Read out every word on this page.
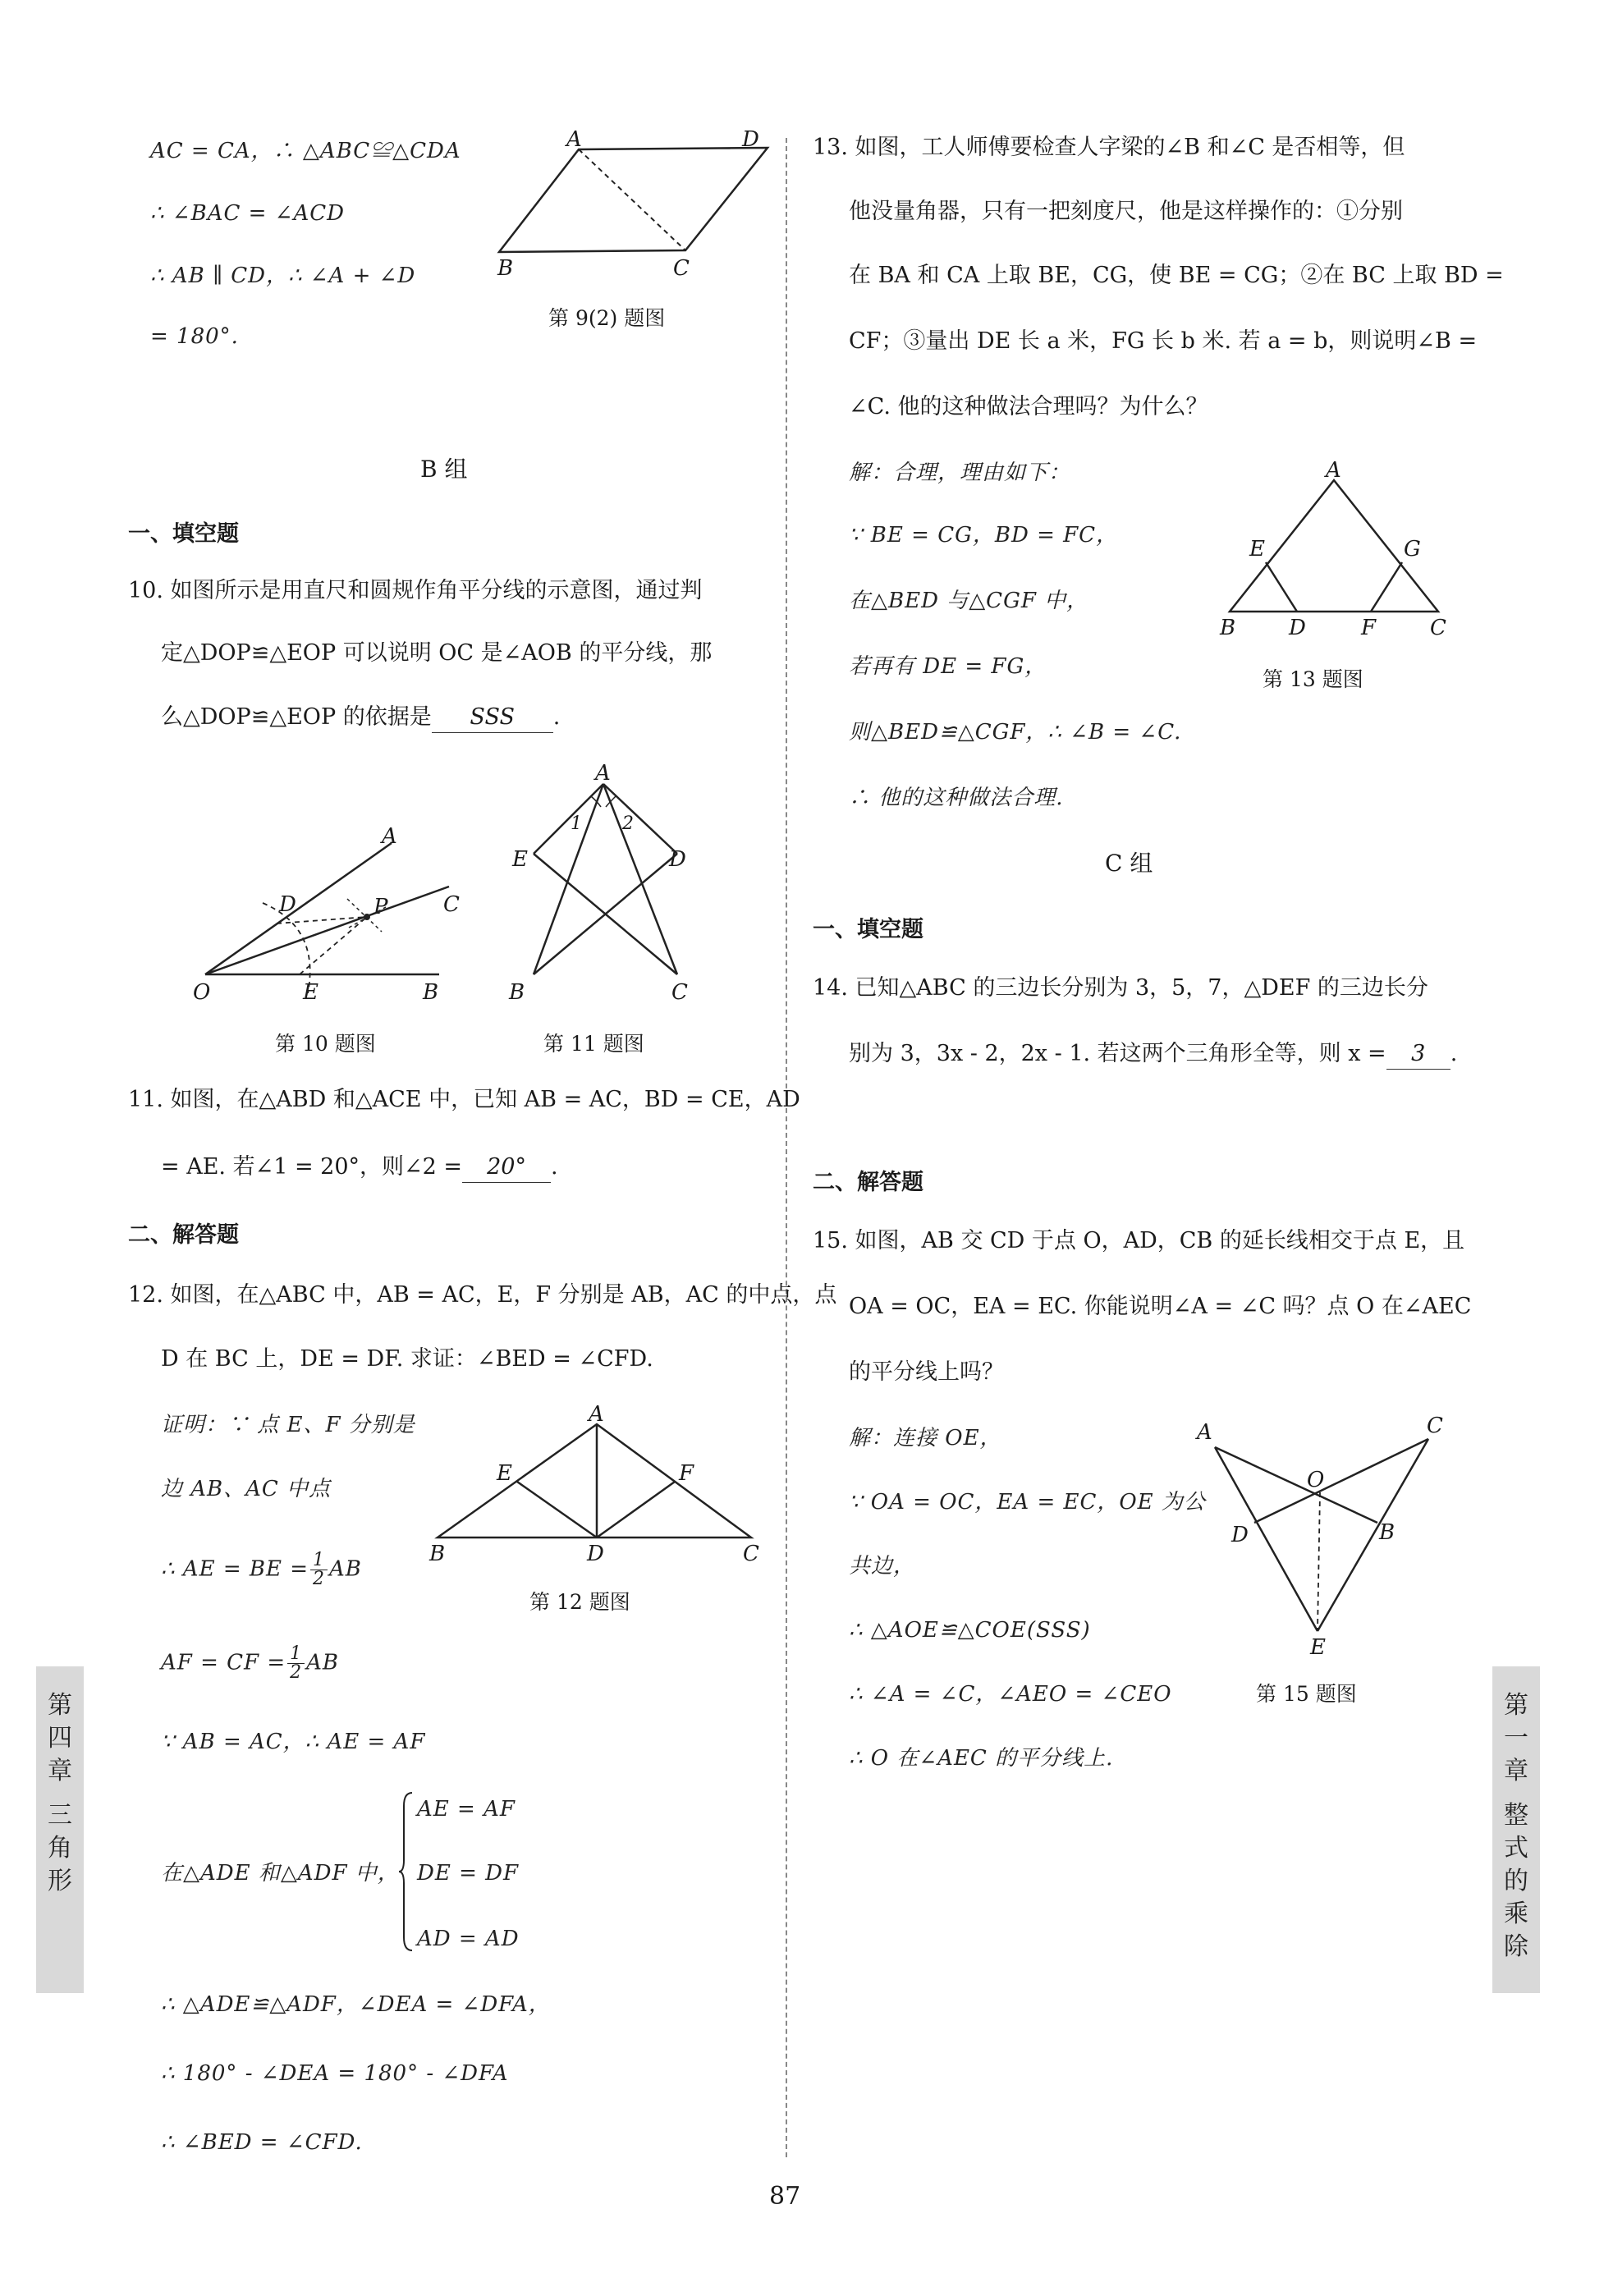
AC = CA，∴ △ABC≌△CDA
∴ ∠BAC = ∠ACD
∴ AB ∥ CD，∴ ∠A + ∠D
= 180°.
A	D
B	C
第 9(2) 题图
B 组
一、填空题
10. 如图所示是用直尺和圆规作角平分线的示意图，通过判
定△DOP≌△EOP 可以说明 OC 是∠AOB 的平分线，那
么△DOP≌△EOP 的依据是 SSS .
A
D	P	C
O	E	B
第 10 题图
A
1 2
E	D
B	C
第 11 题图
11. 如图，在△ABD 和△ACE 中，已知 AB = AC，BD = CE，AD
= AE. 若∠1 = 20°，则∠2 = 20° .
二、解答题
12. 如图，在△ABC 中，AB = AC，E，F 分别是 AB，AC 的中点，点
D 在 BC 上，DE = DF. 求证：∠BED = ∠CFD.
证明：∵ 点 E、F 分别是
边 AB、AC 中点
∴ AE = BE = $\frac{1}{2}$ AB
AF = CF = $\frac{1}{2}$ AB
∵ AB = AC，∴ AE = AF
在△ADE 和△ADF 中，
AE = AF
DE = DF
AD = AD
∴ △ADE≌△ADF，∠DEA = ∠DFA，
∴ 180° - ∠DEA = 180° - ∠DFA
∴ ∠BED = ∠CFD.
A
E	F
B	D	C
第 12 题图
13. 如图，工人师傅要检查人字梁的∠B 和∠C 是否相等，但
他没量角器，只有一把刻度尺，他是这样操作的：①分别
在 BA 和 CA 上取 BE，CG，使 BE = CG；②在 BC 上取 BD =
CF；③量出 DE 长 a 米，FG 长 b 米. 若 a = b，则说明∠B =
∠C. 他的这种做法合理吗？为什么？
解：合理，理由如下：
∵ BE = CG，BD = FC，
在△BED 与△CGF 中，
若再有 DE = FG，
则△BED≌△CGF，∴ ∠B = ∠C.
∴ 他的这种做法合理.
A
E	G
B D	F	C
第 13 题图
C 组
一、填空题
14. 已知△ABC 的三边长分别为 3，5，7，△DEF 的三边长分
别为 3，3x - 2，2x - 1. 若这两个三角形全等，则 x = 3 .
二、解答题
15. 如图，AB 交 CD 于点 O，AD，CB 的延长线相交于点 E，且
OA = OC，EA = EC. 你能说明∠A = ∠C 吗？点 O 在∠AEC
的平分线上吗？
解：连接 OE，
∵ OA = OC，EA = EC，OE 为公
共边，
∴ △AOE≌△COE(SSS)
∴ ∠A = ∠C，∠AEO = ∠CEO
∴ O 在∠AEC 的平分线上.
A	C
O
D	B
E
第 15 题图
第
四
章
三
角
形
第
一
章
整
式
的
乘
除
87
